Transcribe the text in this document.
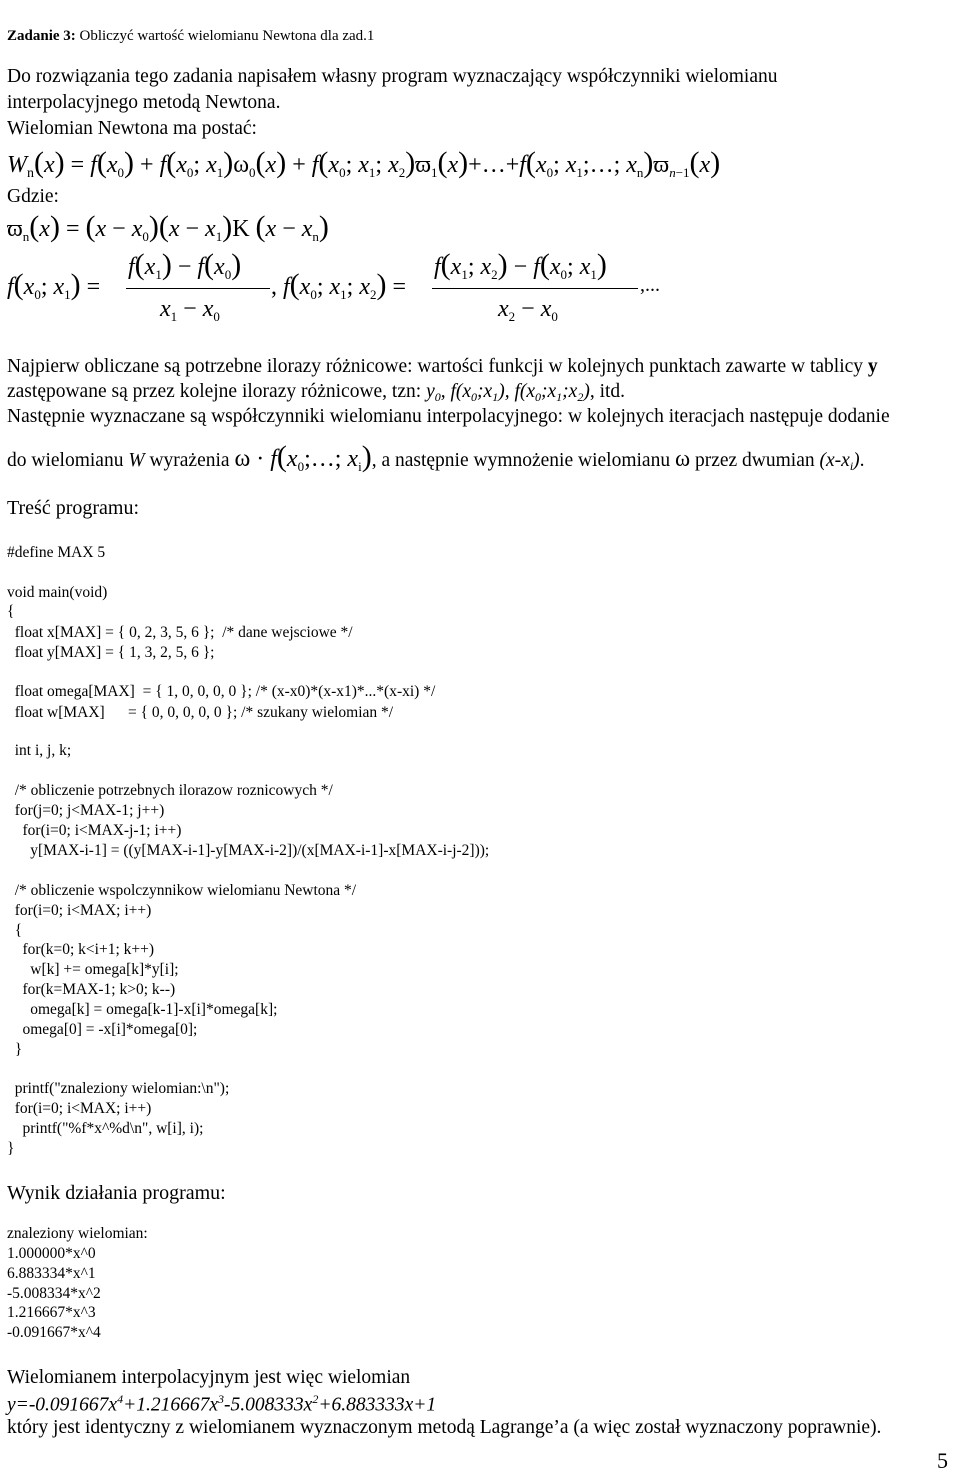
Zadanie 3: Obliczyć wartość wielomianu Newtona dla zad.1
Do rozwiązania tego zadania napisałem własny program wyznaczający współczynniki wielomianu
interpolacyjnego metodą Newtona.
Wielomian Newtona ma postać:
$W_n(x) = f(x_0) + f(x_0$; $x_1)\omega_0(x) + f(x_0$; $x_1$; $x_2)ϖ_1(x)+\dots+f(x_0$; $x_1;\dots$; $x_n)ϖ_{n-1}(x)$
Gdzie:
$ϖ_n(x) = (x - x_0)(x - x_1)K$ $(x - x_n)$
$f(x_0$; $x_1$) =
$f(x_1) - f(x_0)$
$x_1 - x_0$
, $f(x_0$; $x_1$; $x_2$) =
$f(x_1$; $x_2) - f(x_0$; $x_1$)
$x_2 - x_0$
,...
Najpierw obliczane są potrzebne ilorazy różnicowe: wartości funkcji w kolejnych punktach zawarte w tablicy y
zastępowane są przez kolejne ilorazy różnicowe, tzn: $y_0$, $f(x_0;x_1)$, $f(x_0;x_1;x_2)$, itd.
Następnie wyznaczane są współczynniki wielomianu interpolacyjnego: w kolejnych iteracjach następuje dodanie
do wielomianu W wyrażenia $\omega \cdot f(x_0;\dots$; $x_i$), a następnie wymnożenie wielomianu ω przez dwumian $(x-x_i)$.
Treść programu:
#define MAX 5
void main(void)
{
float x[MAX] = { 0, 2, 3, 5, 6 };  /* dane wejsciowe */
float y[MAX] = { 1, 3, 2, 5, 6 };
float omega[MAX]  = { 1, 0, 0, 0, 0 }; /* (x-x0)*(x-x1)*...*(x-xi) */
float w[MAX]      = { 0, 0, 0, 0, 0 }; /* szukany wielomian */
int i, j, k;
/* obliczenie potrzebnych ilorazow roznicowych */
for(j=0; j<MAX-1; j++)
for(i=0; i<MAX-j-1; i++)
y[MAX-i-1] = ((y[MAX-i-1]-y[MAX-i-2])/(x[MAX-i-1]-x[MAX-i-j-2]));
/* obliczenie wspolczynnikow wielomianu Newtona */
for(i=0; i<MAX; i++)
{
for(k=0; k<i+1; k++)
w[k] += omega[k]*y[i];
for(k=MAX-1; k>0; k--)
omega[k] = omega[k-1]-x[i]*omega[k];
omega[0] = -x[i]*omega[0];
}
printf("znaleziony wielomian:\n");
for(i=0; i<MAX; i++)
printf("%f*x^%d\n", w[i], i);
}
Wynik działania programu:
znaleziony wielomian:
1.000000*x^0
6.883334*x^1
-5.008334*x^2
1.216667*x^3
-0.091667*x^4
Wielomianem interpolacyjnym jest więc wielomian
$y=-0.091667x^4+1.216667x^3-5.008333x^2+6.883333x+1$
który jest identyczny z wielomianem wyznaczonym metodą Lagrange’a (a więc został wyznaczony poprawnie).
5
